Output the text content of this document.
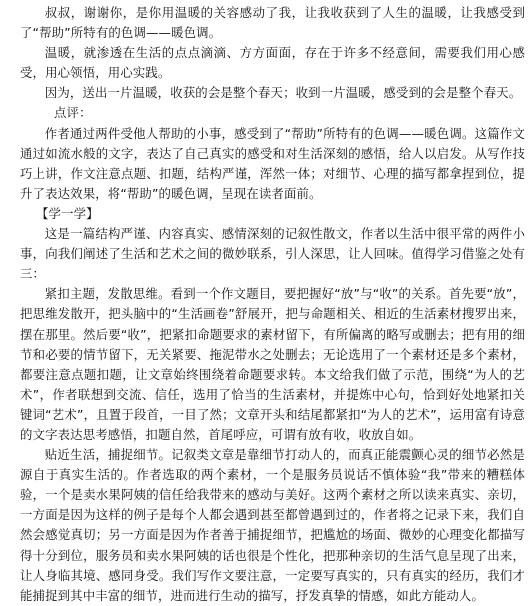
叔叔，谢谢你，是你用温暖的关容感动了我，让我收获到了人生的温暖，让我感受到了“帮助”所特有的色调——暖色调。

温暖，就渗透在生活的点点滴滴、方方面面，存在于许多不经意间，需要我们用心感受，用心领悟，用心实践。

因为，送出一片温暖，收获的会是整个春天；收到一片温暖，感受到的会是整个春天。

点评：

作者通过两件受他人帮助的小事，感受到了“帮助”所特有的色调——暖色调。这篇作文通过如流水般的文字，表达了自己真实的感受和对生活深刻的感悟，给人以启发。从写作技巧上讲，作文注意点题、扣题，结构严谨，浑然一体；对细节、心理的描写都拿捏到位，提升了表达效果，将“帮助”的暖色调，呈现在读者面前。

【学一学】

这是一篇结构严谨、内容真实、感情深刻的记叙性散文，作者以生活中很平常的两件小事，向我们阐述了生活和艺术之间的微妙联系，引人深思，让人回味。值得学习借鉴之处有三：

紧扣主题，发散思维。看到一个作文题目，要把握好“放”与“收”的关系。首先要“放”，把思维发散开，把头脑中的“生活画卷”舒展开，把与命题相关、相近的生活素材搜罗出来，摆在那里。然后要“收”，把紧扣命题要求的素材留下，有所偏离的略写或删去；把有用的细节和必要的情节留下，无关紧要、拖泥带水之处删去；无论选用了一个素材还是多个素材，都要注意点题扣题，让文章始终围绕着命题要求转。本文给我们做了示范，围绕“为人的艺术”，作者联想到交流、信任，选用了恰当的生活素材，并提炼中心句，恰到好处地紧扣关键词“艺术”，且置于段首，一目了然；文章开头和结尾都紧扣“为人的艺术”，运用富有诗意的文字表达思考感悟，扣题自然，首尾呼应，可谓有放有收，收放自如。

贴近生活，捕捉细节。记叙类文章是靠细节打动人的，而真正能震颤心灵的细节必然是源自于真实生活的。作者选取的两个素材，一个是服务员说话不慎体验“我”带来的糟糕体验，一个是卖水果阿姨的信任给我带来的感动与美好。这两个素材之所以读来真实、亲切，一方面是因为这样的例子是每个人都会遇到甚至都曾遇到过的，作者将之记录下来，我们自然会感觉真切；另一方面是因为作者善于捕捉细节，把尴尬的场面、微妙的心理变化都描写得十分到位，服务员和卖水果阿姨的话也很是个性化，把那种亲切的生活气息呈现了出来，让人身临其境、感同身受。我们写作文要注意，一定要写真实的，只有真实的经历，我们才能捕捉到其中丰富的细节，进而进行生动的描写，抒发真挚的情感，如此方能动人。
